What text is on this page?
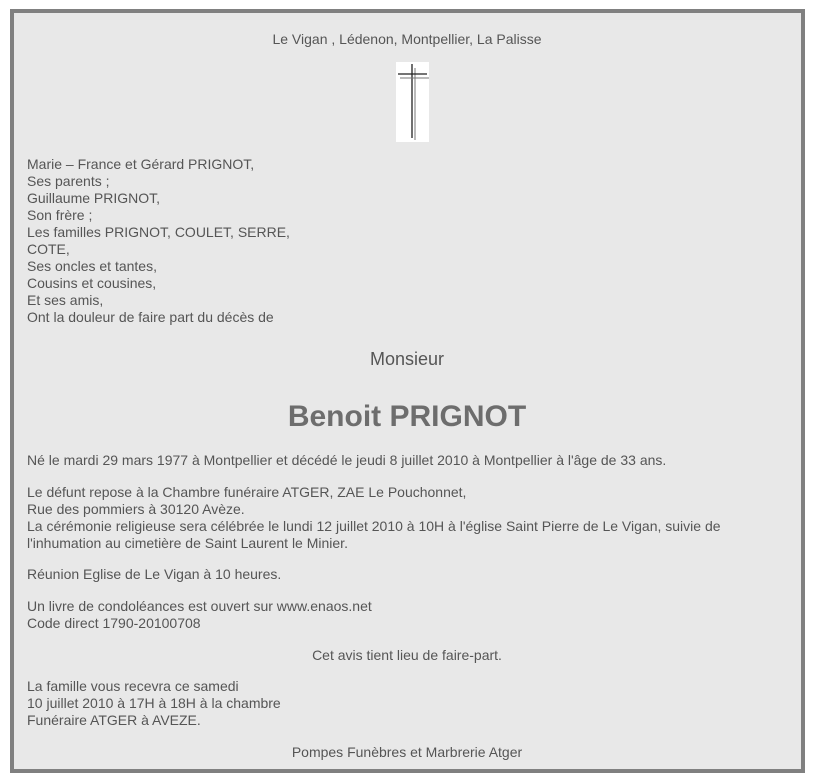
Le Vigan , Lédenon, Montpellier, La Palisse
Marie – France et Gérard PRIGNOT,
Ses parents ;
Guillaume PRIGNOT,
Son frère ;
Les familles PRIGNOT, COULET, SERRE,
COTE,
Ses oncles et tantes,
Cousins et cousines,
Et ses amis,
Ont la douleur de faire part du décès de
Monsieur
Benoit PRIGNOT
Né le mardi 29 mars 1977 à Montpellier et décédé le jeudi 8 juillet 2010 à Montpellier à l'âge de 33 ans.
Le défunt repose à la Chambre funéraire ATGER, ZAE Le Pouchonnet,
Rue des pommiers à 30120 Avèze.
La cérémonie religieuse sera célébrée le lundi 12 juillet 2010 à 10H à l'église Saint Pierre de Le Vigan, suivie de l'inhumation au cimetière de Saint Laurent le Minier.
Réunion Eglise de Le Vigan à 10 heures.
Un livre de condoléances est ouvert sur www.enaos.net
Code direct 1790-20100708
Cet avis tient lieu de faire-part.
La famille vous recevra ce samedi
10 juillet 2010 à 17H à 18H à la chambre
Funéraire ATGER à AVEZE.
Pompes Funèbres et Marbrerie Atger
